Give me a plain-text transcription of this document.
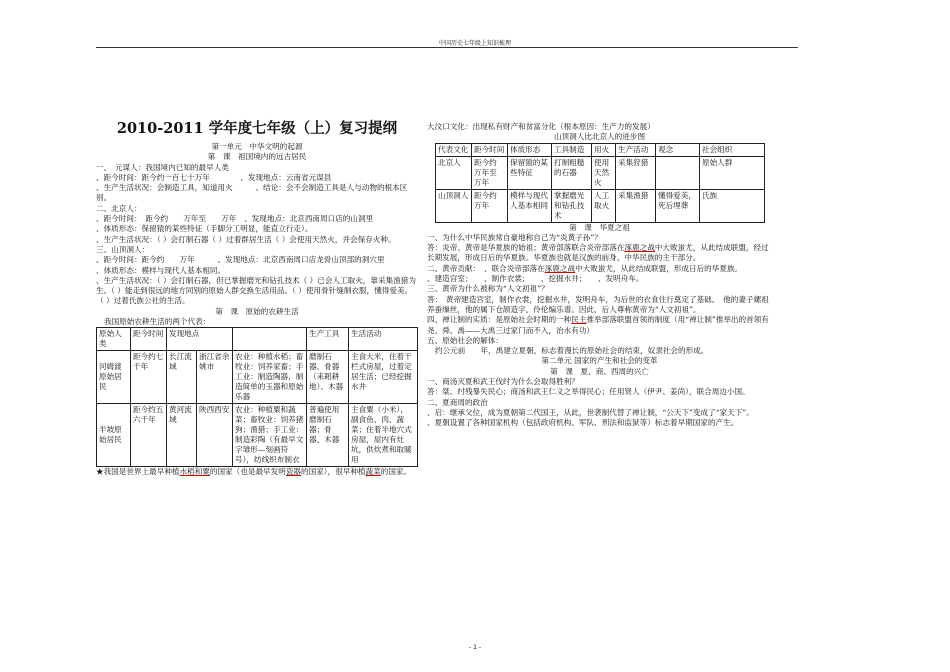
中国历史七年级上知识梳理
2010-2011 学年度七年级（上）复习提纲
第一单元　中华文明的起源
第　课　祖国境内的远古居民
一、　元谋人：我国境内已知的最早人类
、距今时间：距今约一百七十万年　　　　、发现地点：云南省元谋县
、生产生活状况：会制造工具，知道用火　　　、结论：会不会制造工具是人与动物的根本区别。
二、北京人：
、距今时间：　距今约　　万年至　　万年　、发现地点：北京西南周口店的山洞里
、体质形态：保留猿的某些特征（手脚分工明显，能直立行走）。
、生产生活状况：（ ）会打制石器（ ）过着群居生活（ ）会使用天然火，并会保存火种。
三、山顶洞人：
、距今时间：距今约　　万年　　　、发现地点：北京西南周口店龙骨山顶部的洞穴里
、体质形态：模样与现代人基本相同。
、生产生活状况：（ ）会打制石器，但已掌握磨光和钻孔技术（ ）已会人工取火，靠采集渔猎为生。（ ）能走到很远的地方同别的原始人群交换生活用品。（ ）使用骨针缝制衣服，懂得爱美。　（ ）过着氏族公社的生活。
第　课　原始的农耕生活
我国原始农耕生活的两个代表：
原始人类	距今时间	发现地点			生产工具	生活活动
河姆渡原始居民	距今约七千年	长江流域	浙江省余姚市	农业：种植水稻；畜牧业：饲养家畜；手工业：制造陶器，制造简单的玉器和原始乐器	磨制石器、骨器（耒耜耕地）、木器	主食大米，住着干栏式房屋，过着定居生活；已经挖掘水井
半坡原始居民	距今约五六千年	黄河流域	陕西西安	农业：种植粟和蔬菜；畜牧业：饲养猪狗；渔猎；手工业：制造彩陶（有最早文字雏形—刻画符号），纺线织布制衣	普遍使用磨制石器；骨器、木器	主食粟（小米），副食鱼、肉、蔬菜；住着半地穴式房屋，屋内有灶坑，供炊煮和取暖用
★我国是世界上最早种植水稻和粟的国家（也是最早发明瓷器的国家），很早种植蔬菜的国家。
大汶口文化：出现私有财产和贫富分化（根本原因：生产力的发展）
山顶洞人比北京人的进步图
代表文化	距今时间	体质形态	工具制造	用火	生产活动	观念	社会组织
北京人	距今约　万年至　万年	保留猿的某些特征	打制粗糙的石器	使用天然火	采集狩猎		原始人群
山顶洞人	距今约　万年	模样与现代人基本相同	掌握磨光和钻孔技术	人工取火	采集渔猎	懂得爱美，死后埋葬	氏族
第　课　华夏之祖
一、为什么中华民族常自豪地称自己为“炎黄子孙”？
答：炎帝、黄帝是华夏族的始祖；黄帝部落联合炎帝部落在涿鹿之战中大败蚩尤，从此结成联盟，经过长期发展，形成日后的华夏族。华夏族也就是汉族的前身，中华民族的主干部分。
二、黄帝贡献：　、联合炎帝部落在涿鹿之战中大败蚩尤，从此结成联盟，形成日后的华夏族。
、建造宫室；　　、制作衣裳；　　、挖掘水井；　　、发明舟车。
三、黄帝为什么被称为“人文初祖”？
答：　黄帝建造宫室，制作衣裳，挖掘水井，发明舟车，为后世的衣食住行奠定了基础。　他的妻子嫘祖养蚕缫丝，他的属下仓颉造字，伶伦编乐谱。因此，后人尊称黄帝为“人文初祖”。
四、禅让制的实质：是原始社会时期的一种民主推举部落联盟首领的制度（用“禅让制”推举出的首领有尧、舜、禹——大禹三过家门而不入，治水有功）
五、原始社会的解体：
约公元前　　年，禹建立夏朝，标志着漫长的原始社会的结束，奴隶社会的形成。
第二单元 国家的产生和社会的变革
第　课　夏、商、西周的兴亡
一、商汤灭夏和武王伐纣为什么会取得胜利？
答：桀、纣残暴失民心；商汤和武王仁义之举得民心；任用贤人（伊尹、姜尚），联合周边小国。
二、夏商周的政治
、启：继承父位，成为夏朝第二代国王，从此，世袭制代替了禅让制，“公天下”变成了“家天下”。
、夏朝设置了各种国家机构（包括政府机构、军队、刑法和监狱等）标志着早期国家的产生。
- 1 -
